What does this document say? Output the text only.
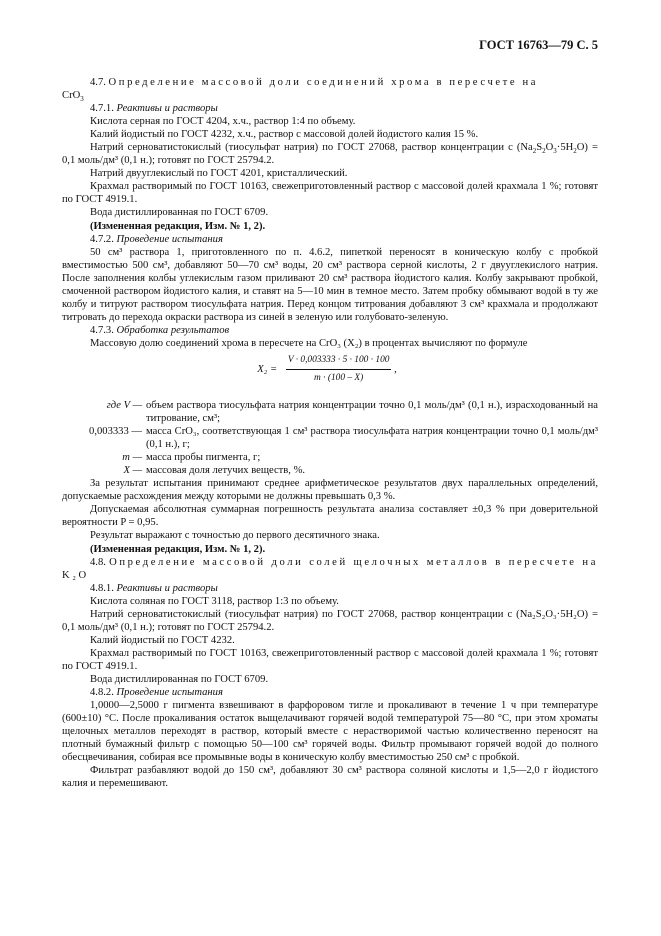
ГОСТ 16763—79 С. 5

4.7. Определение массовой доли соединений хрома в пересчете на

CrO$_3$

4.7.1. Реактивы и растворы

Кислота серная по ГОСТ 4204, х.ч., раствор 1:4 по объему.

Калий йодистый по ГОСТ 4232, х.ч., раствор с массовой долей йодистого калия 15 %.

Натрий серноватистокислый (тиосульфат натрия) по ГОСТ 27068, раствор концентрации c $(Na_2S_2O_3\cdot 5H_2O) = 0,1$ моль/дм³ (0,1 н.); готовят по ГОСТ 25794.2.

Натрий двууглекислый по ГОСТ 4201, кристаллический.

Крахмал растворимый по ГОСТ 10163, свежеприготовленный раствор с массовой долей крахмала 1 %; готовят по ГОСТ 4919.1.

Вода дистиллированная по ГОСТ 6709.

(Измененная редакция, Изм. № 1, 2).

4.7.2. Проведение испытания

50 см³ раствора 1, приготовленного по п. 4.6.2, пипеткой переносят в коническую колбу с пробкой вместимостью 500 см³, добавляют 50—70 см³ воды, 20 см³ раствора серной кислоты, 2 г двууглекислого натрия. После заполнения колбы углекислым газом приливают 20 см³ раствора йодистого калия. Колбу закрывают пробкой, смоченной раствором йодистого калия, и ставят на 5—10 мин в темное место. Затем пробку обмывают водой в ту же колбу и титруют раствором тиосульфата натрия. Перед концом титрования добавляют 3 см³ крахмала и продолжают титровать до перехода окраски раствора из синей в зеленую или голубовато-зеленую.

4.7.3. Обработка результатов

Массовую долю соединений хрома в пересчете на CrO₃ (X₂) в процентах вычисляют по формуле

$X_2 = \frac{V \cdot 0,003333 \cdot 5 \cdot 100 \cdot 100}{m \cdot (100 - X)}$ ,
где V — объем раствора тиосульфата натрия концентрации точно 0,1 моль/дм³ (0,1 н.), израсходованный на титрование, см³;
0,003333 — масса CrO₃, соответствующая 1 см³ раствора тиосульфата натрия концентрации точно 0,1 моль/дм³ (0,1 н.), г;
m — масса пробы пигмента, г;
X — массовая доля летучих веществ, %.

За результат испытания принимают среднее арифметическое результатов двух параллельных определений, допускаемые расхождения между которыми не должны превышать 0,3 %.

Допускаемая абсолютная суммарная погрешность результата анализа составляет ±0,3 % при доверительной вероятности P = 0,95.

Результат выражают с точностью до первого десятичного знака.

(Измененная редакция, Изм. № 1, 2).

4.8. Определение массовой доли солей щелочных металлов в пересчете на K₂O

4.8.1. Реактивы и растворы

Кислота соляная по ГОСТ 3118, раствор 1:3 по объему.

Натрий серноватистокислый (тиосульфат натрия) по ГОСТ 27068, раствор концентрации c (Na₂S₂O₃·5H₂O) = 0,1 моль/дм³ (0,1 н.); готовят по ГОСТ 25794.2.

Калий йодистый по ГОСТ 4232.

Крахмал растворимый по ГОСТ 10163, свежеприготовленный раствор с массовой долей крахмала 1 %; готовят по ГОСТ 4919.1.

Вода дистиллированная по ГОСТ 6709.

4.8.2. Проведение испытания

1,0000—2,5000 г пигмента взвешивают в фарфоровом тигле и прокаливают в течение 1 ч при температуре (600±10) °С. После прокаливания остаток выщелачивают горячей водой температурой 75—80 °С, при этом хроматы щелочных металлов переходят в раствор, который вместе с нерастворимой частью количественно переносят на плотный бумажный фильтр с помощью 50—100 см³ горячей воды. Фильтр промывают горячей водой до полного обесцвечивания, собирая все промывные воды в коническую колбу вместимостью 250 см³ с пробкой.

Фильтрат разбавляют водой до 150 см³, добавляют 30 см³ раствора соляной кислоты и 1,5—2,0 г йодистого калия и перемешивают.
